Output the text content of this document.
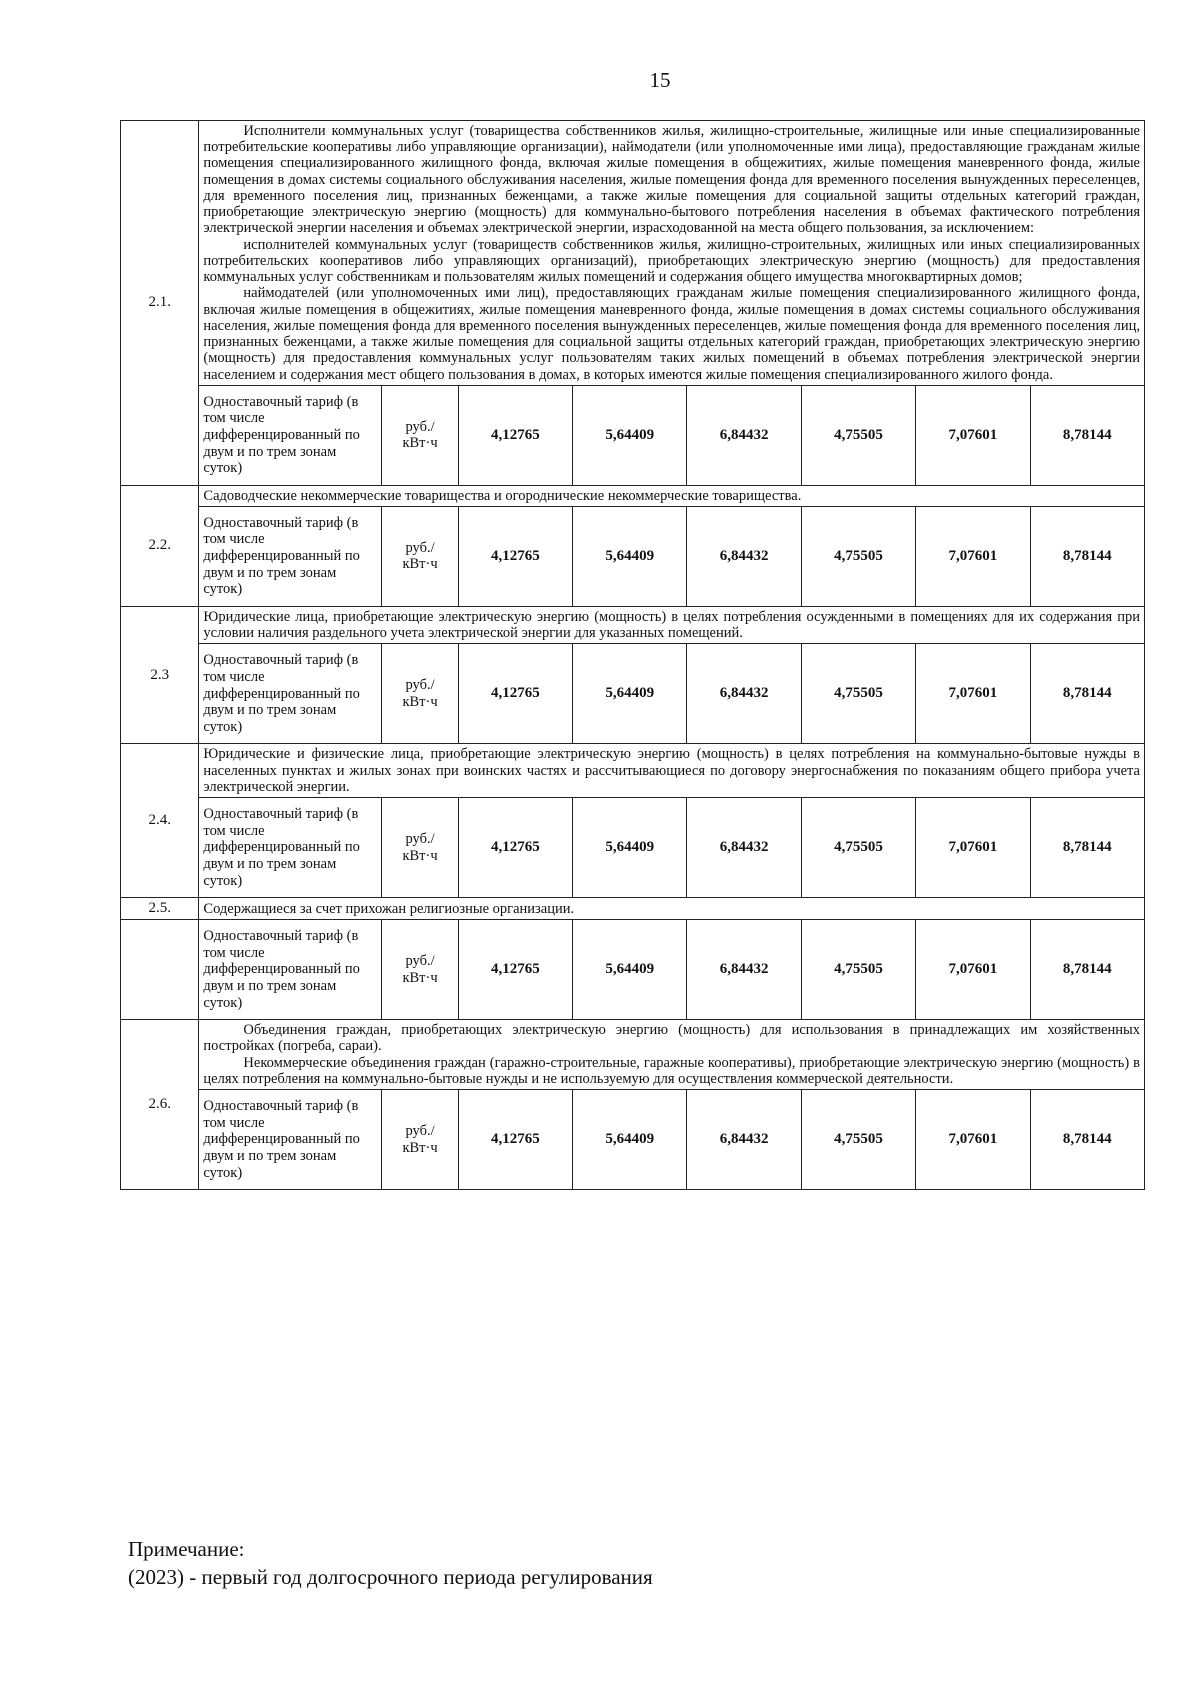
15
2.1.	Исполнители коммунальных услуг (товарищества собственников жилья, жилищно-строительные, жилищные или иные специализированные потребительские кооперативы либо управляющие организации), наймодатели (или уполномоченные ими лица), предоставляющие гражданам жилые помещения специализированного жилищного фонда, включая жилые помещения в общежитиях, жилые помещения маневренного фонда, жилые помещения в домах системы социального обслуживания населения, жилые помещения фонда для временного поселения вынужденных переселенцев, для временного поселения лиц, признанных беженцами, а также жилые помещения для социальной защиты отдельных категорий граждан, приобретающие электрическую энергию (мощность) для коммунально-бытового потребления населения в объемах фактического потребления электрической энергии населения и объемах электрической энергии, израсходованной на места общего пользования, за исключением:

исполнителей коммунальных услуг (товариществ собственников жилья, жилищно-строительных, жилищных или иных специализированных потребительских кооперативов либо управляющих организаций), приобретающих электрическую энергию (мощность) для предоставления коммунальных услуг собственникам и пользователям жилых помещений и содержания общего имущества многоквартирных домов;

наймодателей (или уполномоченных ими лиц), предоставляющих гражданам жилые помещения специализированного жилищного фонда, включая жилые помещения в общежитиях, жилые помещения маневренного фонда, жилые помещения в домах системы социального обслуживания населения, жилые помещения фонда для временного поселения вынужденных переселенцев, жилые помещения фонда для временного поселения лиц, признанных беженцами, а также жилые помещения для социальной защиты отдельных категорий граждан, приобретающих электрическую энергию (мощность) для предоставления коммунальных услуг пользователям таких жилых помещений в объемах потребления электрической энергии населением и содержания мест общего пользования в домах, в которых имеются жилые помещения специализированного жилого фонда.							

	Одноставочный тариф (в том числе дифференцированный по двум и по трем зонам суток)	руб./ кВт·ч	4,12765	5,64409	6,84432	4,75505	7,07601	8,78144
2.2.	Садоводческие некоммерческие товарищества и огороднические некоммерческие товарищества.							

	Одноставочный тариф (в том числе дифференцированный по двум и по трем зонам суток)	руб./ кВт·ч	4,12765	5,64409	6,84432	4,75505	7,07601	8,78144
2.3	Юридические лица, приобретающие электрическую энергию (мощность) в целях потребления осужденными в помещениях для их содержания при условии наличия раздельного учета электрической энергии для указанных помещений.							

	Одноставочный тариф (в том числе дифференцированный по двум и по трем зонам суток)	руб./ кВт·ч	4,12765	5,64409	6,84432	4,75505	7,07601	8,78144
2.4.	Юридические и физические лица, приобретающие электрическую энергию (мощность) в целях потребления на коммунально-бытовые нужды в населенных пунктах и жилых зонах при воинских частях и рассчитывающиеся по договору энергоснабжения по показаниям общего прибора учета электрической энергии.							

	Одноставочный тариф (в том числе дифференцированный по двум и по трем зонам суток)	руб./ кВт·ч	4,12765	5,64409	6,84432	4,75505	7,07601	8,78144
2.5.	Содержащиеся за счет прихожан религиозные организации.							

	Одноставочный тариф (в том числе дифференцированный по двум и по трем зонам суток)	руб./ кВт·ч	4,12765	5,64409	6,84432	4,75505	7,07601	8,78144
2.6.	Объединения граждан, приобретающих электрическую энергию (мощность) для использования в принадлежащих им хозяйственных постройках (погреба, сараи).

Некоммерческие объединения граждан (гаражно-строительные, гаражные кооперативы), приобретающие электрическую энергию (мощность) в целях потребления на коммунально-бытовые нужды и не используемую для осуществления коммерческой деятельности.							

	Одноставочный тариф (в том числе дифференцированный по двум и по трем зонам суток)	руб./ кВт·ч	4,12765	5,64409	6,84432	4,75505	7,07601	8,78144
Примечание:
(2023) - первый год долгосрочного периода регулирования
